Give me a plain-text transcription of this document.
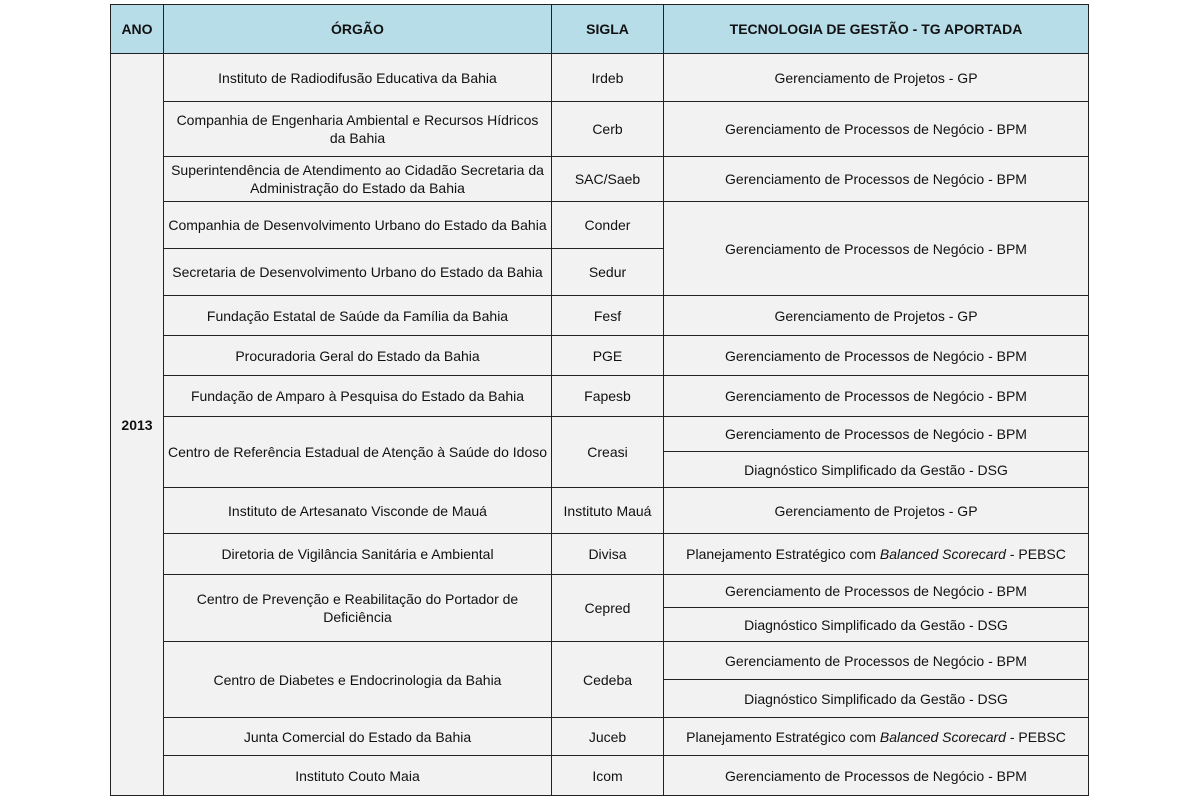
ANO	ÓRGÃO	SIGLA	TECNOLOGIA DE GESTÃO - TG APORTADA
2013	Instituto de Radiodifusão Educativa da Bahia	Irdeb	Gerenciamento de Projetos - GP
	Companhia de Engenharia Ambiental e Recursos Hídricos da Bahia	Cerb	Gerenciamento de Processos de Negócio - BPM
	Superintendência de Atendimento ao Cidadão Secretaria da Administração do Estado da Bahia	SAC/Saeb	Gerenciamento de Processos de Negócio - BPM
	Companhia de Desenvolvimento Urbano do Estado da Bahia	Conder	Gerenciamento de Processos de Negócio - BPM
	Secretaria de Desenvolvimento Urbano do Estado da Bahia	Sedur	
	Fundação Estatal de Saúde da Família da Bahia	Fesf	Gerenciamento de Projetos - GP
	Procuradoria Geral do Estado da Bahia	PGE	Gerenciamento de Processos de Negócio - BPM
	Fundação de Amparo à Pesquisa do Estado da Bahia	Fapesb	Gerenciamento de Processos de Negócio - BPM
	Centro de Referência Estadual de Atenção à Saúde do Idoso	Creasi	Gerenciamento de Processos de Negócio - BPM
			Diagnóstico Simplificado da Gestão - DSG
	Instituto de Artesanato Visconde de Mauá	Instituto Mauá	Gerenciamento de Projetos - GP
	Diretoria de Vigilância Sanitária e Ambiental	Divisa	Planejamento Estratégico com Balanced Scorecard - PEBSC
	Centro de Prevenção e Reabilitação do Portador de Deficiência	Cepred	Gerenciamento de Processos de Negócio - BPM
			Diagnóstico Simplificado da Gestão - DSG
	Centro de Diabetes e Endocrinologia da Bahia	Cedeba	Gerenciamento de Processos de Negócio - BPM
			Diagnóstico Simplificado da Gestão - DSG
	Junta Comercial do Estado da Bahia	Juceb	Planejamento Estratégico com Balanced Scorecard - PEBSC
	Instituto Couto Maia	Icom	Gerenciamento de Processos de Negócio - BPM
